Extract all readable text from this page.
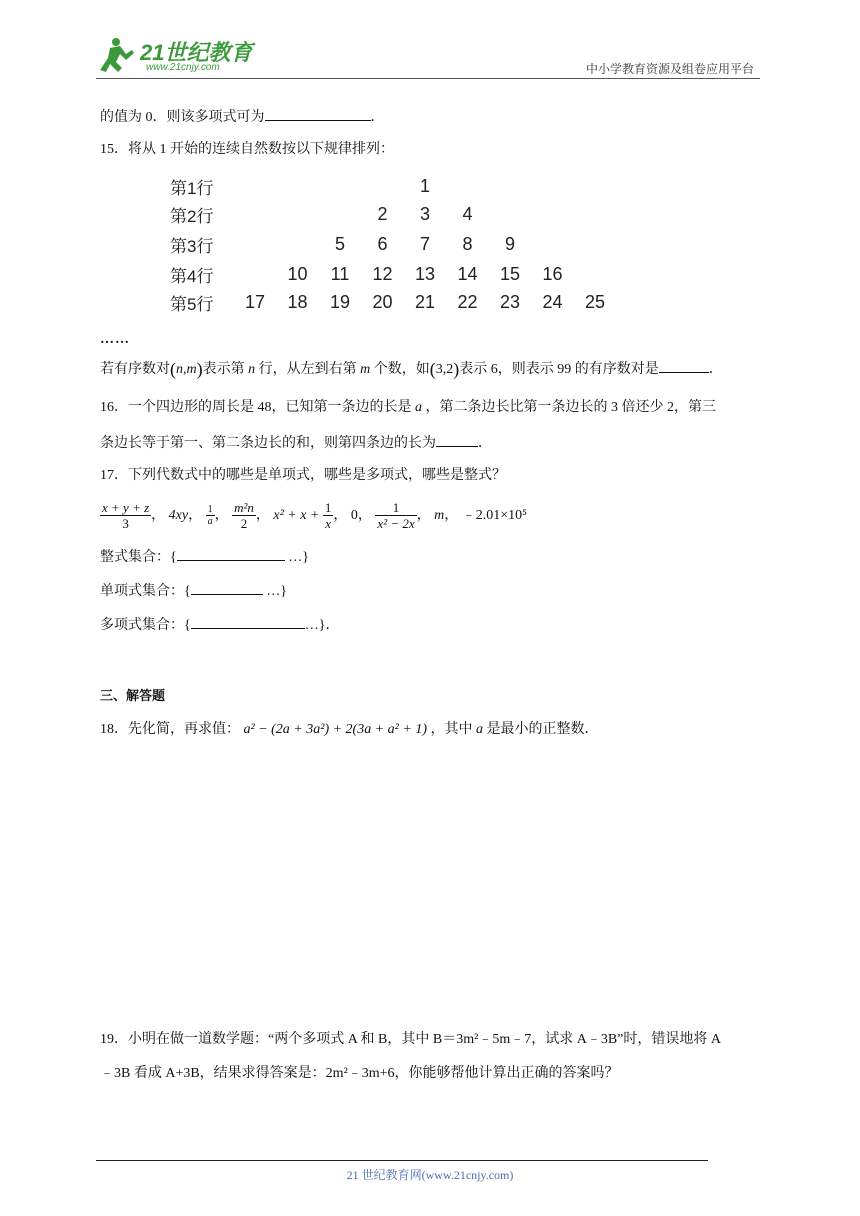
21世纪教育
www.21cnjy.com	中小学教育资源及组卷应用平台
的值为 0．则该多项式可为	．
15．将从 1 开始的连续自然数按以下规律排列：
第1行	1
第2行	2	3	4
第3行	5	6	7	8	9
第4行	10	11	12 13 14 15 16
第5行 17 18 19 20 21 22 23 24 25
……
若有序数对(n,m)表示第 n 行，从左到右第 m 个数，如(3,2)表示 6，则表示 99 的有序数对是	．
16．一个四边形的周长是 48，已知第一条边的长是 a ，第二条边长比第一条边长的 3 倍还少 2，第三
条边长等于第一、第二条边长的和，则第四条边的长为	．
17．下列代数式中的哪些是单项式，哪些是多项式，哪些是整式？
$\frac{x + y + z}{3}$ ， 4xy， $\frac{1}{a}$ ， $\frac{\text{m²n}}{2}$ ， $x^2 + x + \frac{1}{x}$ ， 0， $\frac{1}{\text{x² − 2x}}$ ， m， ﹣2.01×10⁵
整式集合：{	…}
单项式集合：{	…}
多项式集合：{	…}．
三、解答题
18．先化简，再求值： a² − (2a + 3a²) + 2(3a + a² + 1) ，其中 a 是最小的正整数．
19．小明在做一道数学题：“两个多项式 A 和 B，其中 B＝3m²﹣5m﹣7，试求 A﹣3B”时，错误地将 A
﹣3B 看成 A+3B，结果求得答案是：2m²﹣3m+6，你能够帮他计算出正确的答案吗？
21 世纪教育网(www.21cnjy.com)
